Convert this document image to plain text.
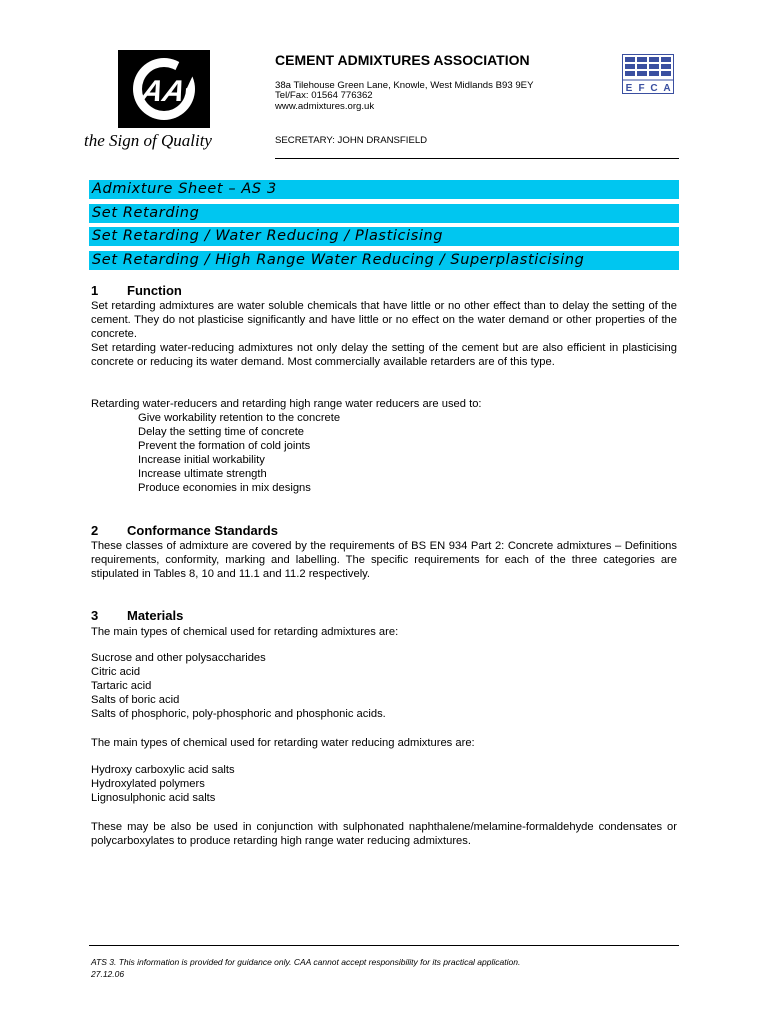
AA
the Sign of Quality
CEMENT ADMIXTURES ASSOCIATION
38a Tilehouse Green Lane, Knowle, West Midlands B93 9EY
Tel/Fax: 01564 776362
www.admixtures.org.uk
SECRETARY: JOHN DRANSFIELD
E F C A
Admixture Sheet – AS 3
Set Retarding
Set Retarding / Water Reducing / Plasticising
Set Retarding / High Range Water Reducing / Superplasticising
1 Function
Set retarding admixtures are water soluble chemicals that have little or no other effect than to delay the setting of the cement. They do not plasticise significantly and have little or no effect on the water demand or other properties of the concrete.
Set retarding water-reducing admixtures not only delay the setting of the cement but are also efficient in plasticising concrete or reducing its water demand. Most commercially available retarders are of this type.
Retarding water-reducers and retarding high range water reducers are used to:
Give workability retention to the concrete
Delay the setting time of concrete
Prevent the formation of cold joints
Increase initial workability
Increase ultimate strength
Produce economies in mix designs
2 Conformance Standards
These classes of admixture are covered by the requirements of BS EN 934 Part 2: Concrete admixtures – Definitions requirements, conformity, marking and labelling. The specific requirements for each of the three categories are stipulated in Tables 8, 10 and 11.1 and 11.2 respectively.
3 Materials
The main types of chemical used for retarding admixtures are:
Sucrose and other polysaccharides
Citric acid
Tartaric acid
Salts of boric acid
Salts of phosphoric, poly-phosphoric and phosphonic acids.
The main types of chemical used for retarding water reducing admixtures are:
Hydroxy carboxylic acid salts
Hydroxylated polymers
Lignosulphonic acid salts
These may be also be used in conjunction with sulphonated naphthalene/melamine-formaldehyde condensates or polycarboxylates to produce retarding high range water reducing admixtures.
ATS 3. This information is provided for guidance only. CAA cannot accept responsibility for its practical application.
27.12.06
